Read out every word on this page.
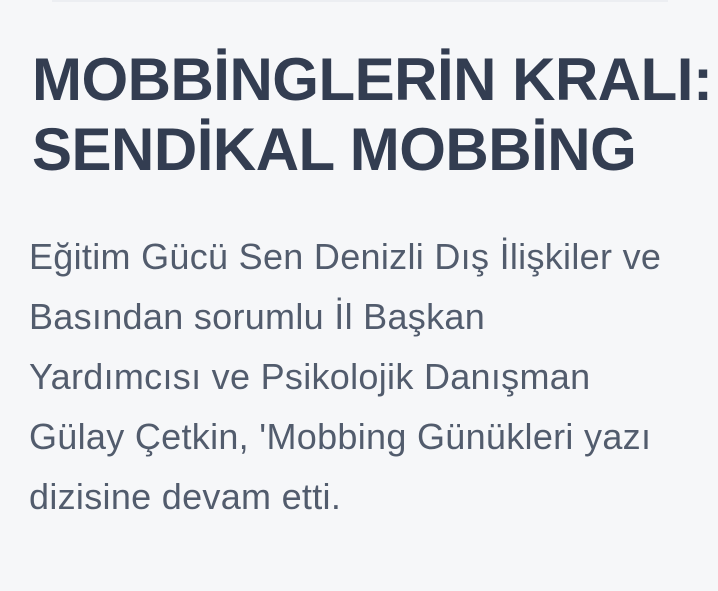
MOBBİNGLERİN KRALI:
SENDİKAL MOBBİNG

Eğitim Gücü Sen Denizli Dış İlişkiler ve
Basından sorumlu İl Başkan
Yardımcısı ve Psikolojik Danışman
Gülay Çetkin, 'Mobbing Günükleri yazı
dizisine devam etti.
